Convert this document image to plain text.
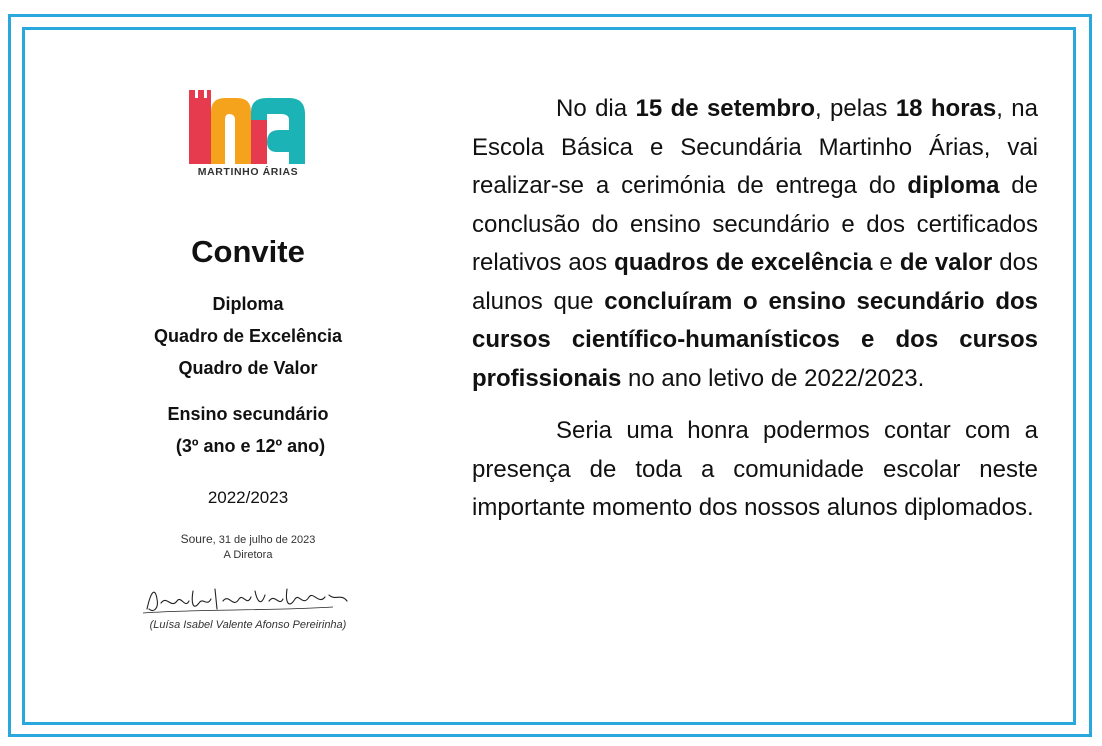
MARTINHO ÁRIAS
Convite
Diploma
Quadro de Excelência
Quadro de Valor
Ensino secundário
(3º ano e 12º ano)
2022/2023
Soure, 31 de julho de 2023
A Diretora
(Luísa Isabel Valente Afonso Pereirinha)

No dia 15 de setembro, pelas 18 horas, na Escola Básica e Secundária Martinho Árias, vai realizar-se a cerimónia de entrega do diploma de conclusão do ensino secundário e dos certificados relativos aos quadros de excelência e de valor dos alunos que concluíram o ensino secundário dos cursos científico-humanísticos e dos cursos profissionais no ano letivo de 2022/2023.

Seria uma honra podermos contar com a presença de toda a comunidade escolar neste importante momento dos nossos alunos diplomados.
